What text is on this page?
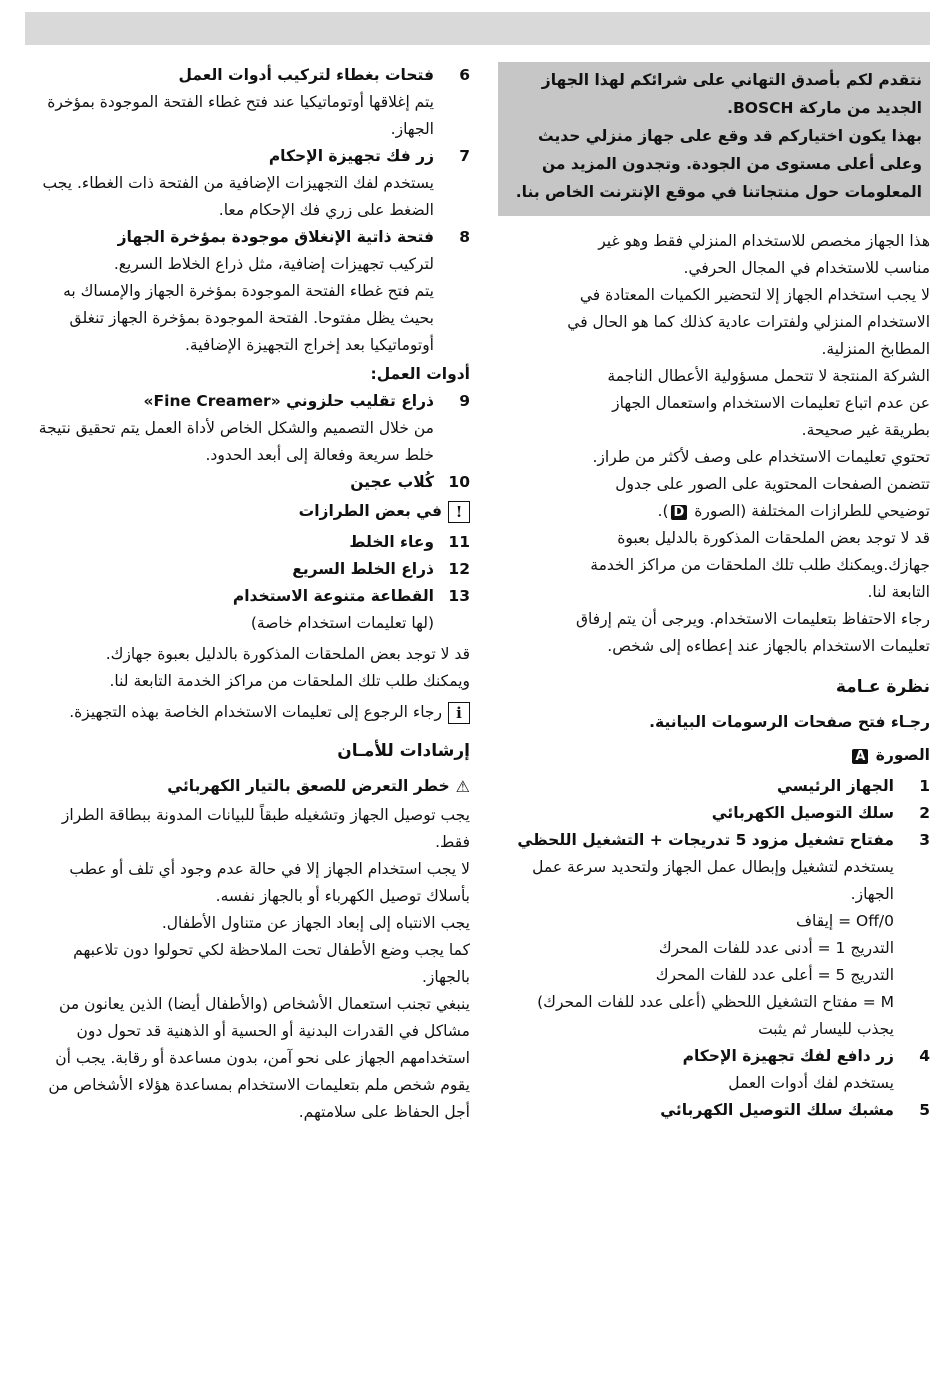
نتقدم لكم بأصدق التهاني على شرائكم لهذا الجهاز

الجديد من ماركة BOSCH.

بهذا يكون اختياركم قد وقع على جهاز منزلي حديث

وعلى أعلى مستوى من الجودة. وتجدون المزيد من

المعلومات حول منتجاتنا في موقع الإنترنت الخاص بنا.

هذا الجهاز مخصص للاستخدام المنزلي فقط وهو غير

مناسب للاستخدام في المجال الحرفي.

لا يجب استخدام الجهاز إلا لتحضير الكميات المعتادة في

الاستخدام المنزلي ولفترات عادية كذلك كما هو الحال في

المطابخ المنزلية.

الشركة المنتجة لا تتحمل مسؤولية الأعطال الناجمة

عن عدم اتباع تعليمات الاستخدام واستعمال الجهاز

بطريقة غير صحيحة.

تحتوي تعليمات الاستخدام على وصف لأكثر من طراز.

تتضمن الصفحات المحتوية على الصور على جدول

توضيحي للطرازات المختلفة (الصورة D).

قد لا توجد بعض الملحقات المذكورة بالدليل بعبوة

جهازك.ويمكنك طلب تلك الملحقات من مراكز الخدمة

التابعة لنا.

رجاء الاحتفاظ بتعليمات الاستخدام. ويرجى أن يتم إرفاق

تعليمات الاستخدام بالجهاز عند إعطاءه إلى شخص.

نظرة عـامة
رجـاء فتح صفحات الرسومات البيانية.
الصورة A
1
الجهاز الرئيسي
2
سلك التوصيل الكهربائي
3
مفتاح تشغيل مزود 5 تدريجات + التشغيل اللحظي
يستخدم لتشغيل وإبطال عمل الجهاز ولتحديد سرعة عمل الجهاز.
Off/0 = إيقاف
التدريج 1 = أدنى عدد للفات المحرك
التدريج 5 = أعلى عدد للفات المحرك
M = مفتاح التشغيل اللحظي (أعلى عدد للفات المحرك) يجذب لليسار ثم يثبت
4
زر دافع لفك تجهيزة الإحكام
يستخدم لفك أدوات العمل
5
مشبك سلك التوصيل الكهربائي
6
فتحات بغطاء لتركيب أدوات العمل
يتم إغلاقها أوتوماتيكيا عند فتح غطاء الفتحة الموجودة بمؤخرة الجهاز.
7
زر فك تجهيزة الإحكام
يستخدم لفك التجهيزات الإضافية من الفتحة ذات الغطاء. يجب الضغط على زري فك الإحكام معا.
8
فتحة ذاتية الإنغلاق موجودة بمؤخرة الجهاز
لتركيب تجهيزات إضافية، مثل ذراع الخلاط السريع.
يتم فتح غطاء الفتحة الموجودة بمؤخرة الجهاز والإمساك به بحيث يظل مفتوحا. الفتحة الموجودة بمؤخرة الجهاز تنغلق أوتوماتيكيا بعد إخراج التجهيزة الإضافية.
أدوات العمل:
9
ذراع تقليب حلزوني «Fine Creamer»
من خلال التصميم والشكل الخاص لأداة العمل يتم تحقيق نتيجة خلط سريعة وفعالة إلى أبعد الحدود.
10
كُلاب عجين
!
في بعض الطرازات
11
وعاء الخلط
12
ذراع الخلط السريع
13
القطاعة متنوعة الاستخدام

(لها تعليمات استخدام خاصة)

قد لا توجد بعض الملحقات المذكورة بالدليل بعبوة جهازك.

ويمكنك طلب تلك الملحقات من مراكز الخدمة التابعة لنا.

i
رجاء الرجوع إلى تعليمات الاستخدام الخاصة بهذه التجهيزة.
إرشادات للأمـان
⚠
خطر التعرض للصعق بالتيار الكهربائي

يجب توصيل الجهاز وتشغيله طبقاً للبيانات المدونة ببطاقة الطراز فقط.

لا يجب استخدام الجهاز إلا في حالة عدم وجود أي تلف أو عطب بأسلاك توصيل الكهرباء أو بالجهاز نفسه.

يجب الانتباه إلى إبعاد الجهاز عن متناول الأطفال.

كما يجب وضع الأطفال تحت الملاحظة لكي تحولوا دون تلاعبهم بالجهاز.

ينبغي تجنب استعمال الأشخاص (والأطفال أيضا) الذين يعانون من مشاكل في القدرات البدنية أو الحسية أو الذهنية قد تحول دون استخدامهم الجهاز على نحو آمن، بدون مساعدة أو رقابة. يجب أن يقوم شخص ملم بتعليمات الاستخدام بمساعدة هؤلاء الأشخاص من أجل الحفاظ على سلامتهم.
